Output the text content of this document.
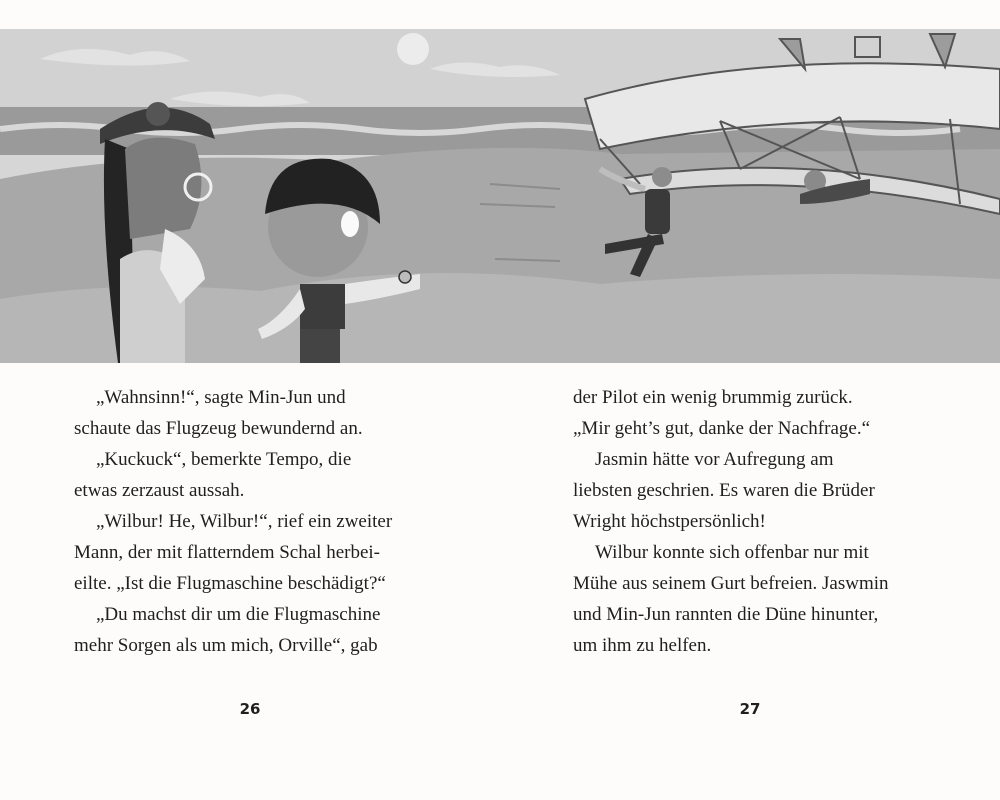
„Wahnsinn!“, sagte Min-Jun und
schaute das Flugzeug bewundernd an.

„Kuckuck“, bemerkte Tempo, die
etwas zerzaust aussah.

„Wilbur! He, Wilbur!“, rief ein zweiter
Mann, der mit flatterndem Schal herbei-
eilte. „Ist die Flugmaschine beschädigt?“

„Du machst dir um die Flugmaschine
mehr Sorgen als um mich, Orville“, gab

der Pilot ein wenig brummig zurück.
„Mir geht’s gut, danke der Nachfrage.“

Jasmin hätte vor Aufregung am
liebsten geschrien. Es waren die Brüder
Wright höchstpersönlich!

Wilbur konnte sich offenbar nur mit
Mühe aus seinem Gurt befreien. Jaswmin
und Min-Jun rannten die Düne hinunter,
um ihm zu helfen.

26	27
